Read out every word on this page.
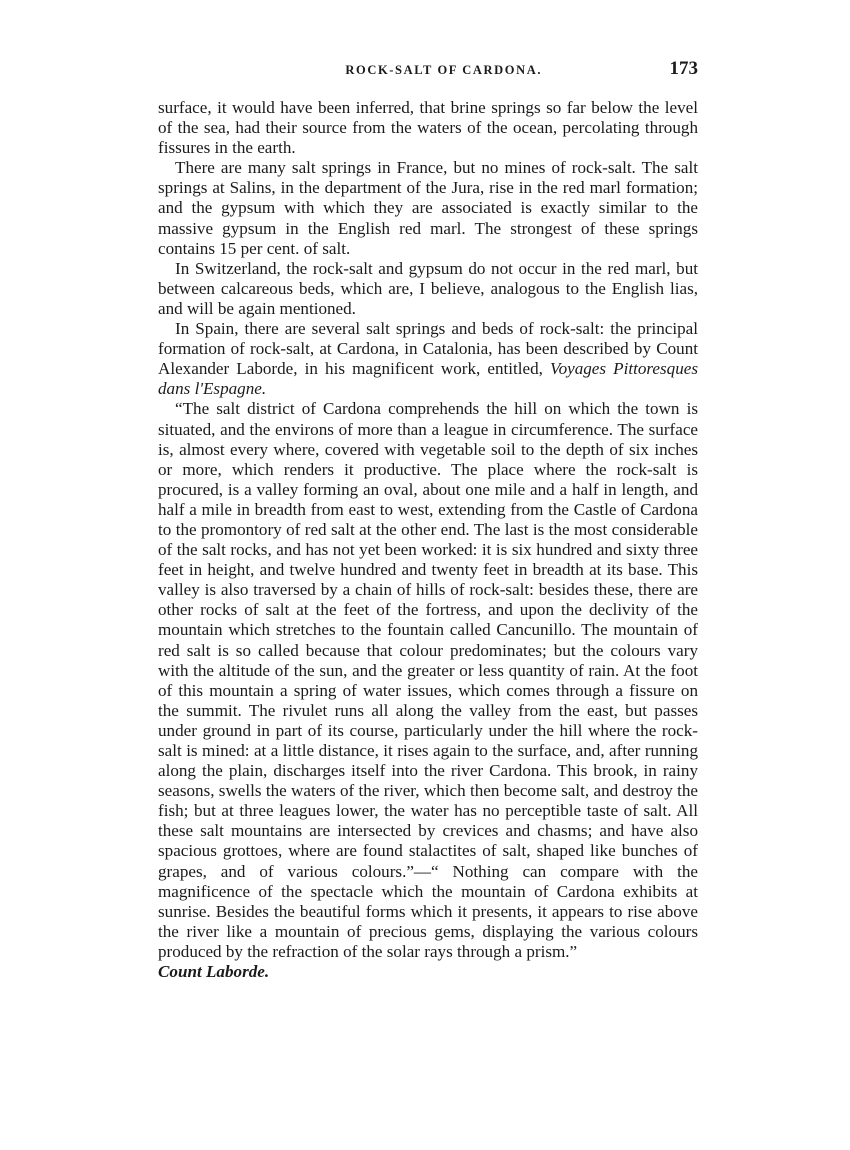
ROCK-SALT OF CARDONA.	173

surface, it would have been inferred, that brine springs so far below the level of the sea, had their source from the waters of the ocean, percolating through fissures in the earth.

There are many salt springs in France, but no mines of rock-salt. The salt springs at Salins, in the department of the Jura, rise in the red marl formation; and the gypsum with which they are associated is exactly similar to the massive gypsum in the English red marl. The strongest of these springs contains 15 per cent. of salt.

In Switzerland, the rock-salt and gypsum do not occur in the red marl, but between calcareous beds, which are, I believe, analogous to the English lias, and will be again mentioned.

In Spain, there are several salt springs and beds of rock-salt: the principal formation of rock-salt, at Cardona, in Catalonia, has been described by Count Alexander Laborde, in his magnificent work, entitled, Voyages Pittoresques dans l'Espagne.

“The salt district of Cardona comprehends the hill on which the town is situated, and the environs of more than a league in circumference. The surface is, almost every where, covered with vegetable soil to the depth of six inches or more, which renders it productive. The place where the rock-salt is procured, is a valley forming an oval, about one mile and a half in length, and half a mile in breadth from east to west, extending from the Castle of Cardona to the promontory of red salt at the other end. The last is the most considerable of the salt rocks, and has not yet been worked: it is six hundred and sixty three feet in height, and twelve hundred and twenty feet in breadth at its base. This valley is also traversed by a chain of hills of rock-salt: besides these, there are other rocks of salt at the feet of the fortress, and upon the declivity of the mountain which stretches to the fountain called Cancunillo. The mountain of red salt is so called because that colour predominates; but the colours vary with the altitude of the sun, and the greater or less quantity of rain. At the foot of this mountain a spring of water issues, which comes through a fissure on the summit. The rivulet runs all along the valley from the east, but passes under ground in part of its course, particularly under the hill where the rock-salt is mined: at a little distance, it rises again to the surface, and, after running along the plain, discharges itself into the river Cardona. This brook, in rainy seasons, swells the waters of the river, which then become salt, and destroy the fish; but at three leagues lower, the water has no perceptible taste of salt. All these salt mountains are intersected by crevices and chasms; and have also spacious grottoes, where are found stalactites of salt, shaped like bunches of grapes, and of various colours.”—“ Nothing can compare with the magnificence of the spectacle which the mountain of Cardona exhibits at sunrise. Besides the beautiful forms which it presents, it appears to rise above the river like a mountain of precious gems, displaying the various colours produced by the refraction of the solar rays through a prism.”

Count Laborde.
